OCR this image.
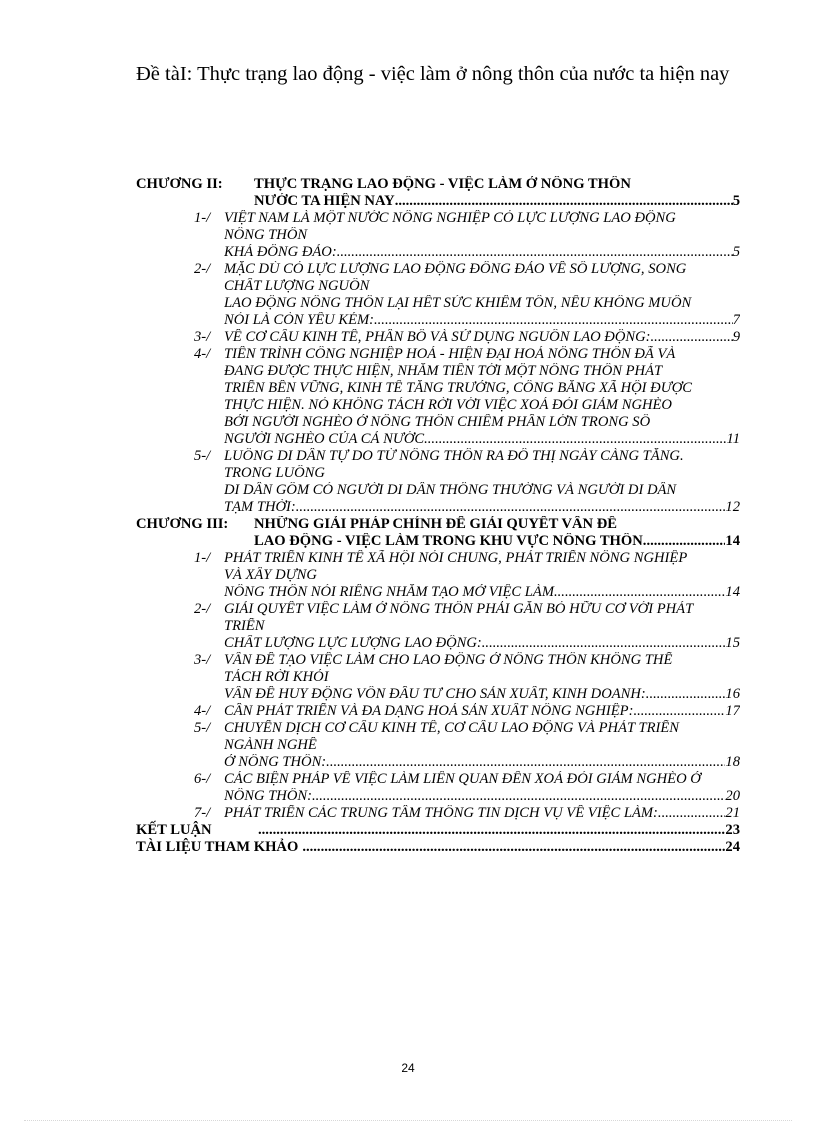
Đề tàI: Thực trạng lao động - việc làm ở nông thôn của nước ta hiện nay
CHƯƠNG II: THỰC TRẠNG LAO ĐỘNG - VIỆC LÀM Ở NÔNG THÔN
NƯỚC TA HIỆN NAY .....	5
1-/ VIỆT NAM LÀ MỘT NƯỚC NÔNG NGHIỆP CÓ LỰC LƯỢNG LAO ĐỘNG
NÔNG THÔN
KHÁ ĐÔNG ĐẢO: .....	5
2-/ MẶC DÙ CÓ LỰC LƯỢNG LAO ĐỘNG ĐÔNG ĐẢO VỀ SỐ LƯỢNG, SONG
CHẤT LƯỢNG NGUỒN
LAO ĐỘNG NÔNG THÔN LẠI HẾT SỨC KHIÊM TỐN, NẾU KHÔNG MUỐN
NÓI LÀ CÒN YẾU KÉM: .....	7
3-/ VỀ CƠ CẤU KINH TẾ, PHÂN BỐ VÀ SỬ DỤNG NGUỒN LAO ĐỘNG: .....	9
4-/ TIẾN TRÌNH CÔNG NGHIỆP HOÁ - HIỆN ĐẠI HOÁ NÔNG THÔN ĐÃ VÀ
ĐANG ĐƯỢC THỰC HIỆN, NHẰM TIẾN TỚI MỘT NÔNG THÔN PHÁT
TRIỂN BỀN VỮNG, KINH TẾ TĂNG TRƯỞNG, CÔNG BẰNG XÃ HỘI ĐƯỢC
THỰC HIỆN. NÓ KHÔNG TÁCH RỜI VỚI VIỆC XOÁ ĐÓI GIẢM NGHÈO
BỞI NGƯỜI NGHÈO Ở NÔNG THÔN CHIẾM PHẦN LỚN TRONG SỐ
NGƯỜI NGHÈO CỦA CẢ NƯỚC. .....	11
5-/ LUỒNG DI DÂN TỰ DO TỪ NÔNG THÔN RA ĐÔ THỊ NGÀY CÀNG TĂNG.
TRONG LUỒNG
DI DÂN GỒM CÓ NGƯỜI DI DÂN THÔNG THƯỜNG VÀ NGƯỜI DI DÂN
TẠM THỜI: .....	12
CHƯƠNG III: NHỮNG GIẢI PHÁP CHÍNH ĐỂ GIẢI QUYẾT VẤN ĐỀ
LAO ĐỘNG - VIỆC LÀM TRONG KHU VỰC NÔNG THÔN .....	14
1-/ PHÁT TRIỂN KINH TẾ XÃ HỘI NÓI CHUNG, PHÁT TRIỂN NÔNG NGHIỆP
VÀ XÂY DỰNG
NÔNG THÔN NÓI RIÊNG NHẰM TẠO MỞ VIỆC LÀM. .....	14
2-/ GIẢI QUYẾT VIỆC LÀM Ở NÔNG THÔN PHẢI GẮN BÓ HỮU CƠ VỚI PHÁT
TRIỂN
CHẤT LƯỢNG LỰC LƯỢNG LAO ĐỘNG: .....	15
3-/ VẤN ĐỀ TẠO VIỆC LÀM CHO LAO ĐỘNG Ở NÔNG THÔN KHÔNG THỂ
TÁCH RỜI KHỎI
VẤN ĐỀ HUY ĐỘNG VỐN ĐẦU TƯ CHO SẢN XUẤT, KINH DOANH: .....	16
4-/ CẦN PHÁT TRIỂN VÀ ĐA DẠNG HOÁ SẢN XUẤT NÔNG NGHIỆP: .....	17
5-/ CHUYỂN DỊCH CƠ CẤU KINH TẾ, CƠ CẤU LAO ĐỘNG VÀ PHÁT TRIỂN
NGÀNH NGHỀ
Ở NÔNG THÔN: .....	18
6-/ CÁC BIỆN PHÁP VỀ VIỆC LÀM LIÊN QUAN ĐẾN XOÁ ĐÓI GIẢM NGHÈO Ở
NÔNG THÔN: .....	20
7-/ PHÁT TRIỂN CÁC TRUNG TÂM THÔNG TIN DỊCH VỤ VỀ VIỆC LÀM: .....	21
KẾT LUẬN .....	23
TÀI LIỆU THAM KHẢO .....	24
24
